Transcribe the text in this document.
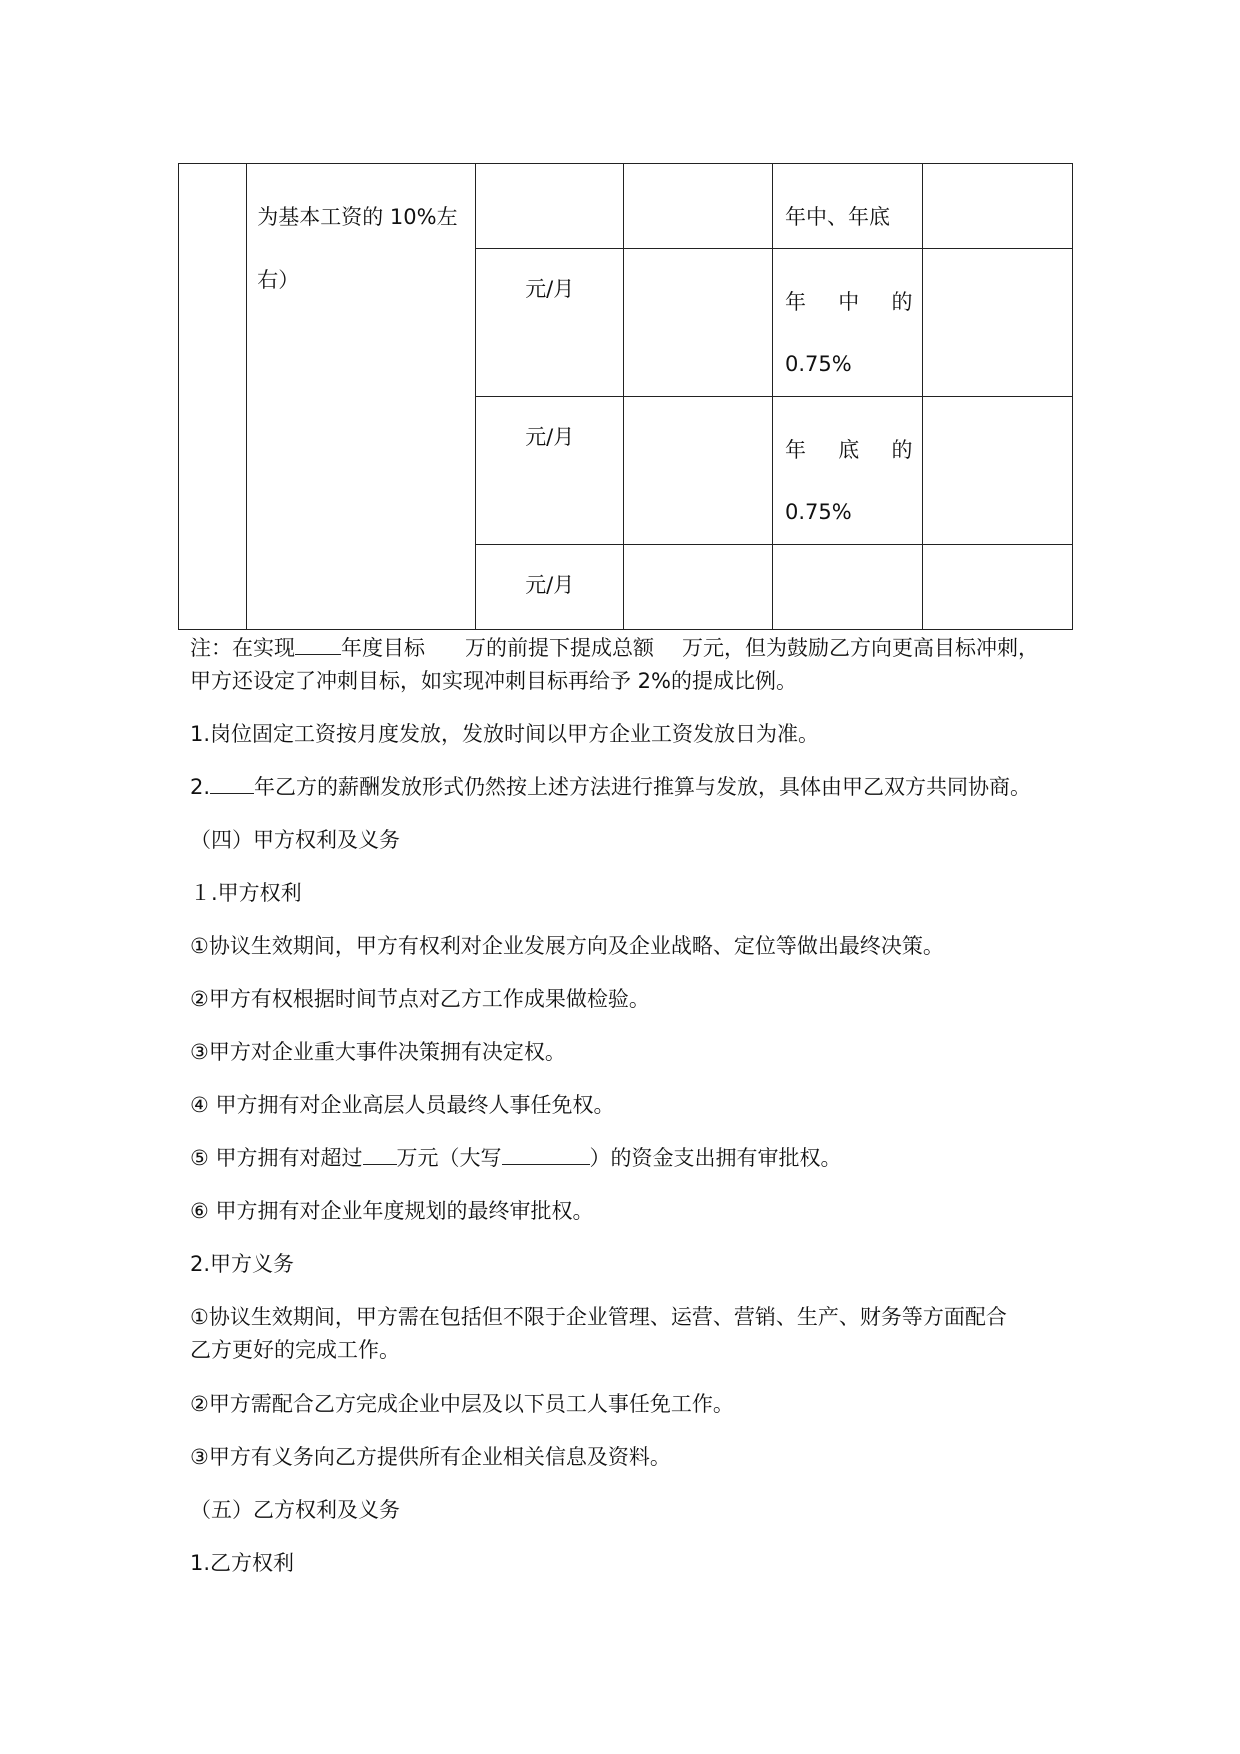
	为基本工资的 10%左
右）			年中、年底	

		元/月		年 中 的
0.75%	

		元/月		年 底 的
0.75%	

		元/月			

注：在实现 年度目标 万的前提下提成总额 万元，但为鼓励乙方向更高目标冲刺，
甲方还设定了冲刺目标，如实现冲刺目标再给予 2%的提成比例。

1.岗位固定工资按月度发放，发放时间以甲方企业工资发放日为准。

2. 年乙方的薪酬发放形式仍然按上述方法进行推算与发放，具体由甲乙双方共同协商。

（四）甲方权利及义务

１.甲方权利

①协议生效期间，甲方有权利对企业发展方向及企业战略、定位等做出最终决策。

②甲方有权根据时间节点对乙方工作成果做检验。

③甲方对企业重大事件决策拥有决定权。

④ 甲方拥有对企业高层人员最终人事任免权。

⑤ 甲方拥有对超过 万元（大写	）的资金支出拥有审批权。

⑥ 甲方拥有对企业年度规划的最终审批权。

2.甲方义务

①协议生效期间，甲方需在包括但不限于企业管理、运营、营销、生产、财务等方面配合
乙方更好的完成工作。

②甲方需配合乙方完成企业中层及以下员工人事任免工作。

③甲方有义务向乙方提供所有企业相关信息及资料。

（五）乙方权利及义务

1.乙方权利
